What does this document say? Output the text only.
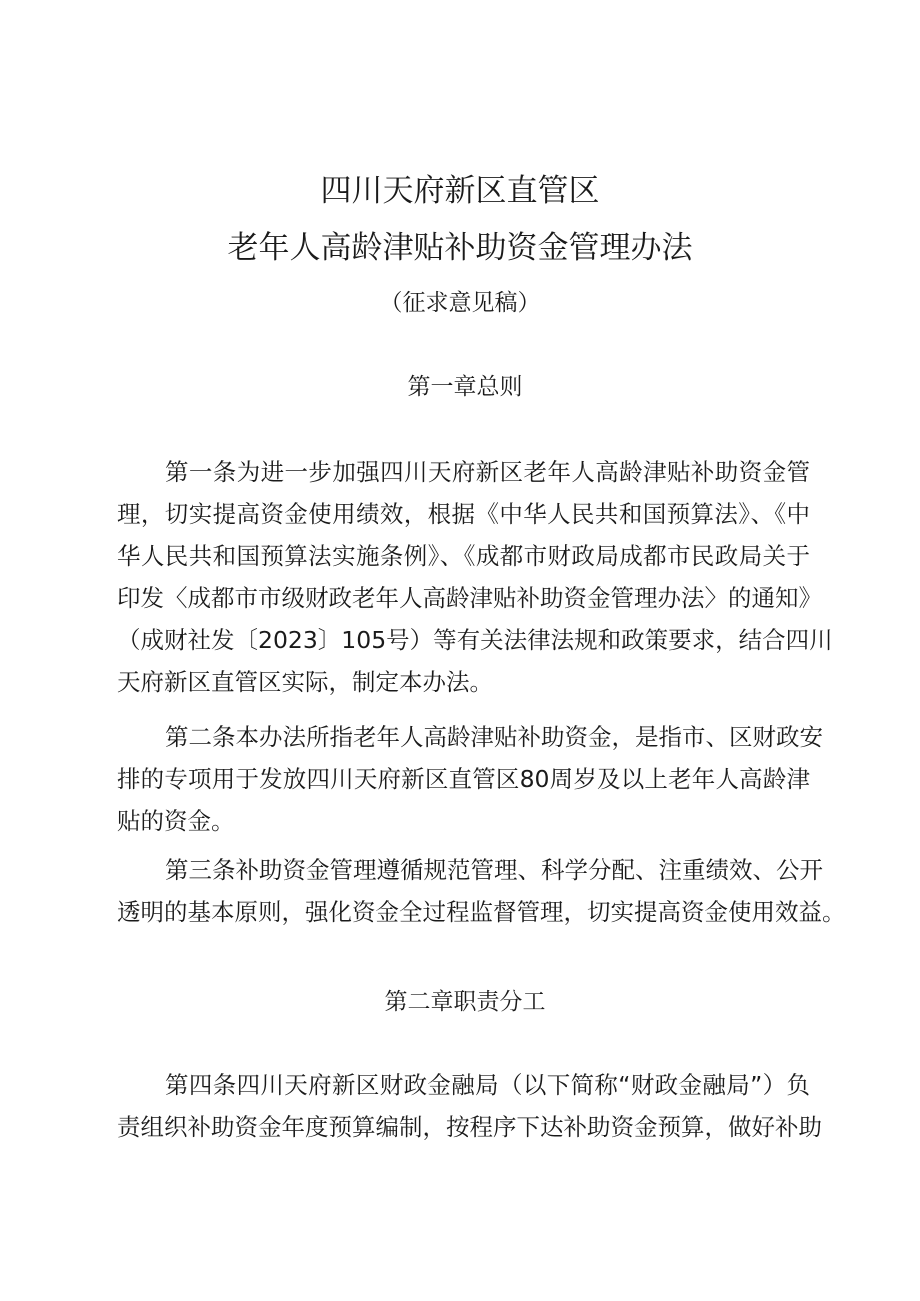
四川天府新区直管区
老年人高龄津贴补助资金管理办法
（征求意见稿）
第一章总则
第一条为进一步加强四川天府新区老年人高龄津贴补助资金管
理，切实提高资金使用绩效，根据《中华人民共和国预算法》、《中
华人民共和国预算法实施条例》、《成都市财政局成都市民政局关于
印发〈成都市市级财政老年人高龄津贴补助资金管理办法〉的通知》
（成财社发〔2023〕105号）等有关法律法规和政策要求，结合四川
天府新区直管区实际，制定本办法。
第二条本办法所指老年人高龄津贴补助资金，是指市、区财政安
排的专项用于发放四川天府新区直管区80周岁及以上老年人高龄津
贴的资金。
第三条补助资金管理遵循规范管理、科学分配、注重绩效、公开
透明的基本原则，强化资金全过程监督管理，切实提高资金使用效益。
第二章职责分工
第四条四川天府新区财政金融局（以下简称“财政金融局”）负
责组织补助资金年度预算编制，按程序下达补助资金预算，做好补助
